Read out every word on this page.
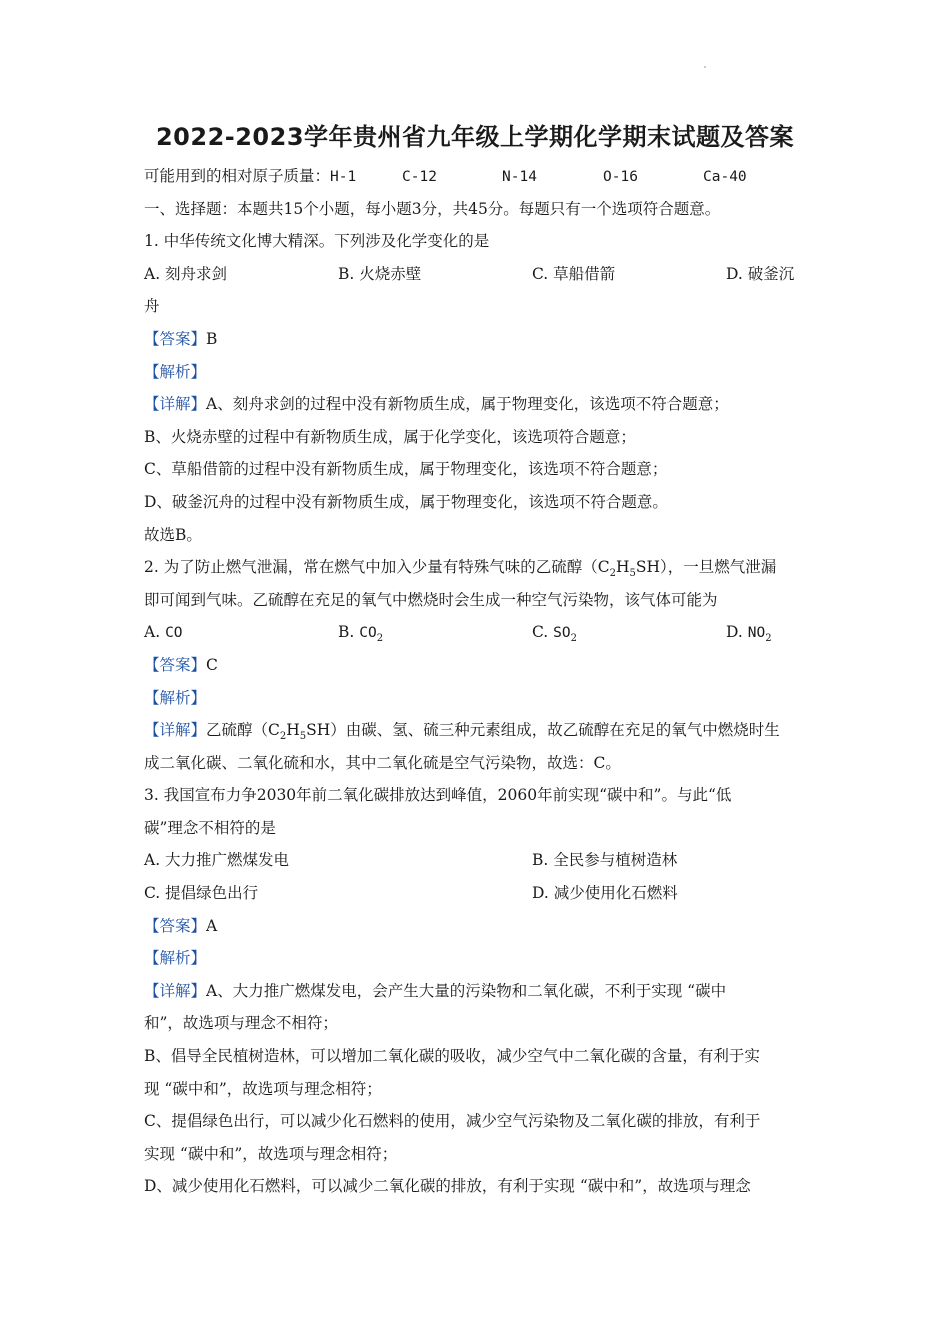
2022-2023学年贵州省九年级上学期化学期末试题及答案
可能用到的相对原子质量：H-1	C-12	N-14	O-16	Ca-40
一、选择题：本题共15个小题，每小题3分，共45分。每题只有一个选项符合题意。
1. 中华传统文化博大精深。下列涉及化学变化的是
A. 刻舟求剑	B. 火烧赤壁	C. 草船借箭	D. 破釜沉
舟
【答案】B
【解析】
【详解】A、刻舟求剑的过程中没有新物质生成，属于物理变化，该选项不符合题意；
B、火烧赤壁的过程中有新物质生成，属于化学变化，该选项符合题意；
C、草船借箭的过程中没有新物质生成，属于物理变化，该选项不符合题意；
D、破釜沉舟的过程中没有新物质生成，属于物理变化，该选项不符合题意。
故选B。
2. 为了防止燃气泄漏，常在燃气中加入少量有特殊气味的乙硫醇$(C_2H_5SH)$，一旦燃气泄漏
即可闻到气味。乙硫醇在充足的氧气中燃烧时会生成一种空气污染物，该气体可能为
A. CO	B. $CO_2$	C. $SO_2$	D. $NO_2$
【答案】C
【解析】
【详解】乙硫醇$(C_2H_5SH)$由碳、氢、硫三种元素组成，故乙硫醇在充足的氧气中燃烧时生
成二氧化碳、二氧化硫和水，其中二氧化硫是空气污染物，故选：C。
3. 我国宣布力争2030年前二氧化碳排放达到峰值，2060年前实现“碳中和”。与此“低
碳”理念不相符的是
A. 大力推广燃煤发电	B. 全民参与植树造林
C. 提倡绿色出行	D. 减少使用化石燃料
【答案】A
【解析】
【详解】A、大力推广燃煤发电，会产生大量的污染物和二氧化碳，不利于实现 “碳中
和”，故选项与理念不相符；
B、倡导全民植树造林，可以增加二氧化碳的吸收，减少空气中二氧化碳的含量，有利于实
现 “碳中和”，故选项与理念相符；
C、提倡绿色出行，可以减少化石燃料的使用，减少空气污染物及二氧化碳的排放，有利于
实现 “碳中和”，故选项与理念相符；
D、减少使用化石燃料，可以减少二氧化碳的排放，有利于实现 “碳中和”，故选项与理念
